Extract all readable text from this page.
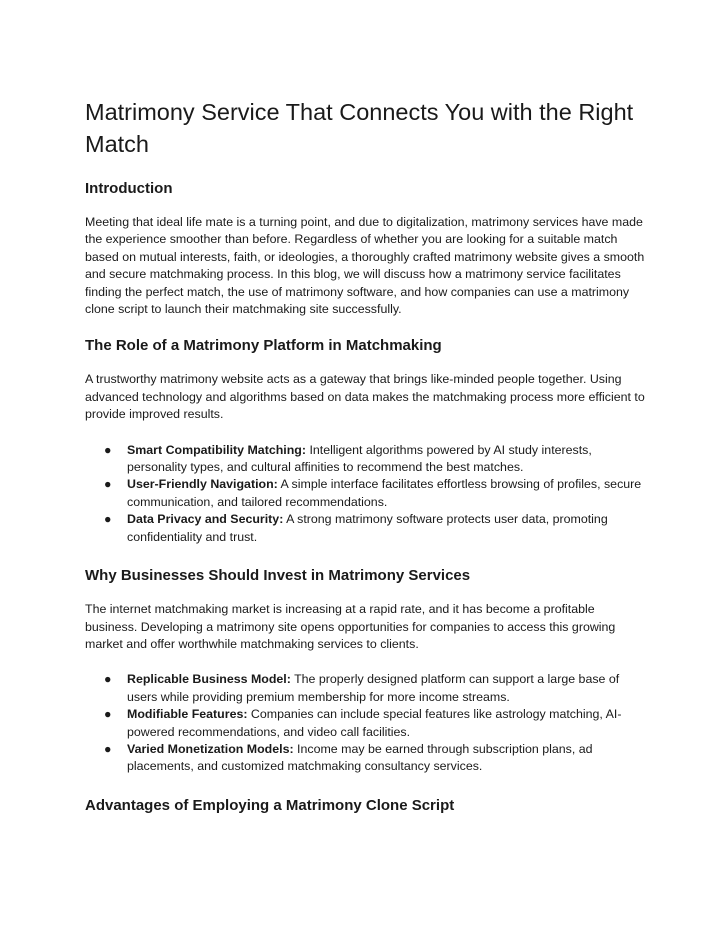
Matrimony Service That Connects You with the Right Match
Introduction

Meeting that ideal life mate is a turning point, and due to digitalization, matrimony services have made the experience smoother than before. Regardless of whether you are looking for a suitable match based on mutual interests, faith, or ideologies, a thoroughly crafted matrimony website gives a smooth and secure matchmaking process. In this blog, we will discuss how a matrimony service facilitates finding the perfect match, the use of matrimony software, and how companies can use a matrimony clone script to launch their matchmaking site successfully.

The Role of a Matrimony Platform in Matchmaking

A trustworthy matrimony website acts as a gateway that brings like-minded people together. Using advanced technology and algorithms based on data makes the matchmaking process more efficient to provide improved results.

● Smart Compatibility Matching: Intelligent algorithms powered by AI study interests, personality types, and cultural affinities to recommend the best matches.
● User-Friendly Navigation: A simple interface facilitates effortless browsing of profiles, secure communication, and tailored recommendations.
● Data Privacy and Security: A strong matrimony software protects user data, promoting confidentiality and trust.
Why Businesses Should Invest in Matrimony Services

The internet matchmaking market is increasing at a rapid rate, and it has become a profitable business. Developing a matrimony site opens opportunities for companies to access this growing market and offer worthwhile matchmaking services to clients.

● Replicable Business Model: The properly designed platform can support a large base of users while providing premium membership for more income streams.
● Modifiable Features: Companies can include special features like astrology matching, AI-powered recommendations, and video call facilities.
● Varied Monetization Models: Income may be earned through subscription plans, ad placements, and customized matchmaking consultancy services.
Advantages of Employing a Matrimony Clone Script
